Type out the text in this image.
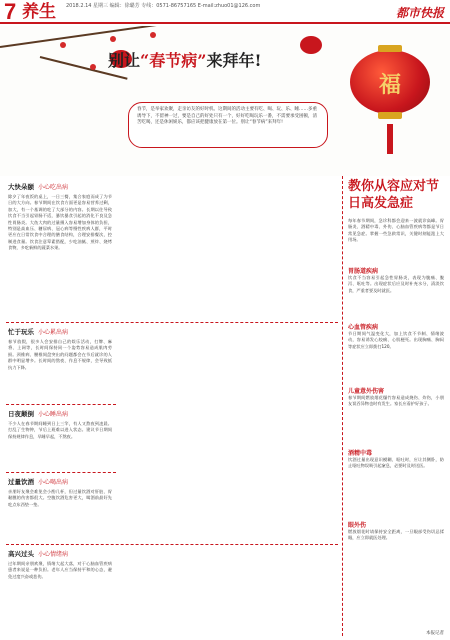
7 养生 2018.2.14 星期三 编辑：徐璐芳 专线：0571-86757165 E-mail:zhuo01@126.com	都市快报
福
别让“春节病”来拜年!
春节，是举家欢聚，走亲访友的好时机。这期间的活动主要有吃、喝、玩、乐、睡……多重诱导下，不留神一过，要是自己的好处只有一个，好好吃喝玩乐一番，不需要承受困顿，清苦吃喝，还是休闲娱乐，都应该把健康放在第一位。别让“春节病”来拜年!
大快朵颐 小心吃出病
除夕了年夜饭的桌上，一日三餐，集合家庭而成了为节日的大方向。春节期间在饮食方面更是容易营养过剩，加大，有一个基调的吃了大部分的内容。长期以往导致饮食不当引起胃肠不适，暴饮暴食引起的消化不良及急性胃肠炎。大鱼大肉的过量摄入容易增加身体的负担，特别是高血压、糖尿病、冠心病等慢性疾病人群，平时更应在日常饮食中合理的膳食结构，合理安排餐次，控制进食量。饮食注意荤素搭配，少吃油腻、煎炸、烧烤食物，多吃新鲜的蔬菜水果。
忙于玩乐 小心累出病
春节放假，很多人会安排自己的娱乐活动，打牌、麻将、上网等，长时间保持同一个姿势容易造成肌肉劳损。颈椎病、腰椎间盘突出的问题都会在节后就诊的人群中明显增多。长时间的熬夜、作息不规律，会导致抵抗力下降。
日夜颠倒 小心睡出病
不少人在春节期间睡到日上三竿，有人又熬夜到凌晨。打乱了生物钟，节后上班难以进入状态。建议节日期间保持规律作息，早睡早起，不熬夜。
过量饮酒 小心喝出病
亲朋好友聚会难免会小酌几杯，但过量饮酒对肝脏、胃黏膜的伤害都很大。空腹饮酒危害更大，喝酒前最好先吃点东西垫一垫。
高兴过头 小心情绪病
过年期间亲朋欢聚，情绪大起大落，对于心脑血管疾病患者来说是一种负担。老年人应当保持平和的心态，避免过度兴奋或悲伤。
教你从容应对节日高发急症
每年春节期间，急诊科都会迎来一波就诊高峰。胃肠炎、酒精中毒、外伤、心脑血管疾病等都是节日常见急症。掌握一些急救常识，关键时刻能派上大用场。
胃肠道疾病
饮食不当容易引起急性胃肠炎，表现为腹痛、腹泻、呕吐等。出现症状后应及时补充水分，清淡饮食，严重者要及时就医。
心血管疾病
节日期间气温变化大，加上饮食不节制、情绪波动，容易诱发心绞痛、心肌梗死。出现胸痛、胸闷等症状应立即拨打120。
儿童意外伤害
春节期间燃放烟花爆竹容易造成烧伤、炸伤，小朋友误吞异物也时有发生。家长应看护好孩子。
酒精中毒
饮酒过量出现意识模糊、呕吐时，应让其侧卧，防止呕吐物误吸引起窒息，必要时及时送医。
眼外伤
燃放烟花时请保持安全距离，一旦眼部受伤切忌揉眼，应立即就医处理。
本报记者
